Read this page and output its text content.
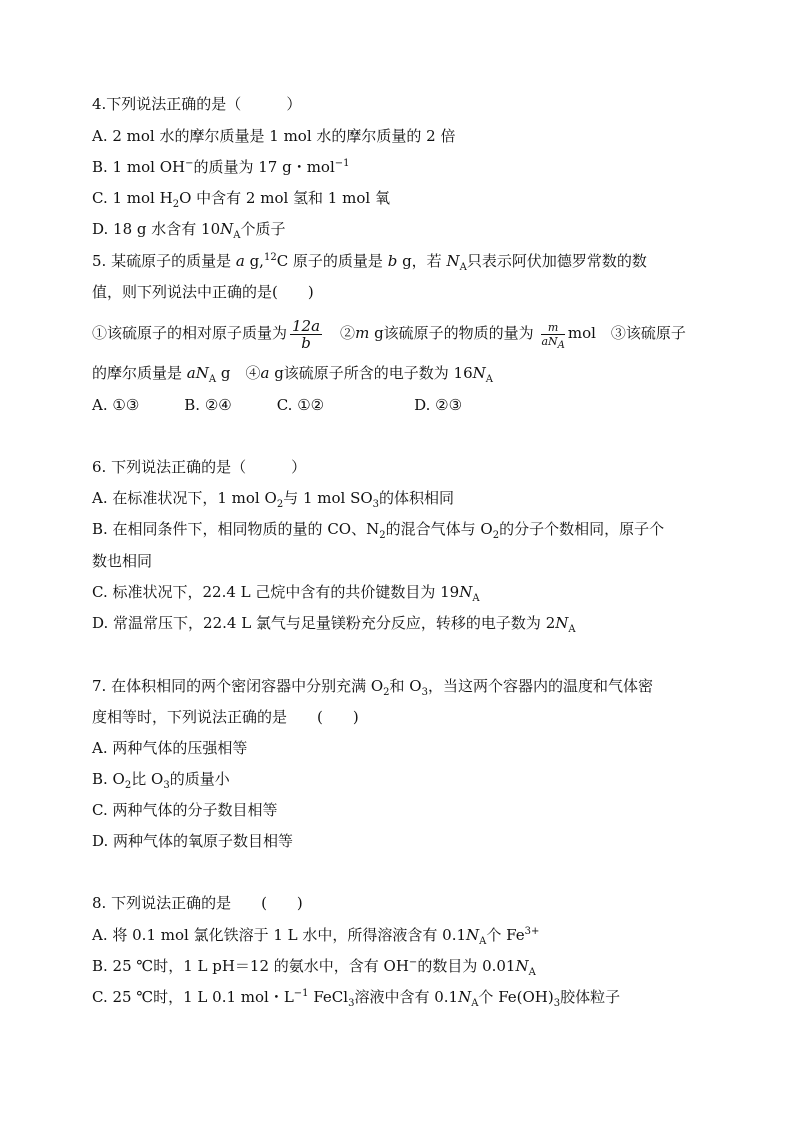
4.下列说法正确的是（　　　）
A. 2 mol 水的摩尔质量是 1 mol 水的摩尔质量的 2 倍
B. 1 mol OH−的质量为 17 g・mol$^{-1}$
C. 1 mol $H_2O$ 中含有 2 mol 氢和 1 mol 氧
D. 18 g 水含有 $10N_A$个质子
5. 某硫原子的质量是 a g,$^{12}$C 原子的质量是 b g，若 $N_A$只表示阿伏加德罗常数的数
值，则下列说法中正确的是(　　)
①该硫原子的相对原子质量为 $\frac{12a}{b}$ 　②m g该硫原子的物质的量为 $\frac{m}{aN_A}$ mol　③该硫原子
的摩尔质量是 $aN_A$ g　④a g该硫原子所含的电子数为 $16N_A$
A. ①③　　　B. ②④　　　C. ①②　　　　　　D. ②③
6. 下列说法正确的是（　　　）
A. 在标准状况下，1 mol $O_2$与 1 mol $SO_3$的体积相同
B. 在相同条件下，相同物质的量的 CO、$N_2$的混合气体与 $O_2$的分子个数相同，原子个
数也相同
C. 标准状况下，22.4 L 己烷中含有的共价键数目为 $19N_A$
D. 常温常压下，22.4 L 氯气与足量镁粉充分反应，转移的电子数为 $2N_A$
7. 在体积相同的两个密闭容器中分别充满 $O_2$和 $O_3$，当这两个容器内的温度和气体密
度相等时，下列说法正确的是　　(　　)
A. 两种气体的压强相等
B. $O_2$比 $O_3$的质量小
C. 两种气体的分子数目相等
D. 两种气体的氧原子数目相等
8. 下列说法正确的是　　(　　)
A. 将 0.1 mol 氯化铁溶于 1 L 水中，所得溶液含有 $0.1N_A$个 $Fe^{3+}$
B. 25 ℃时，1 L pH＝12 的氨水中，含有 OH−的数目为 $0.01N_A$
C. 25 ℃时，1 L 0.1 mol・$L^{-1}$ FeCl$_3$溶液中含有 $0.1N_A$个 $Fe(OH)_3$胶体粒子
